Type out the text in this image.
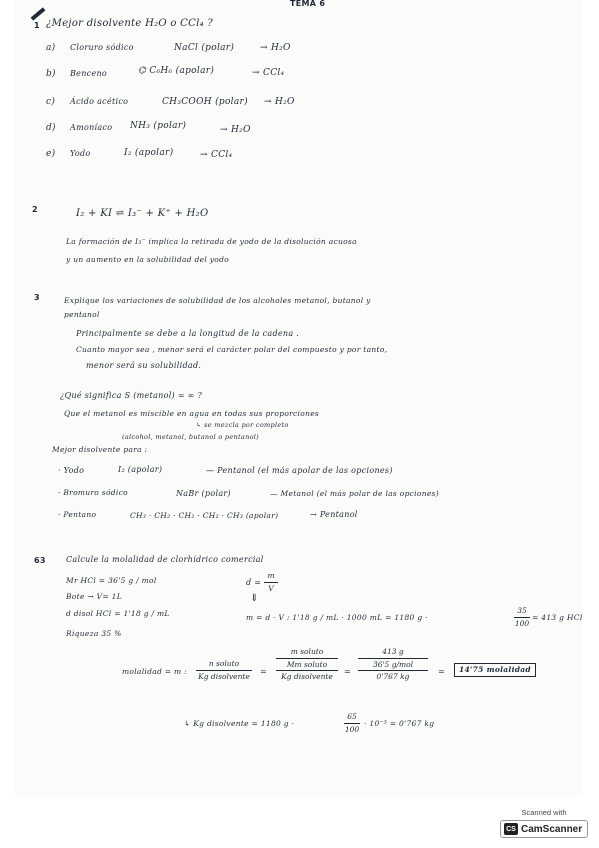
TEMA 6
1 ¿Mejor disolvente H₂O o CCl₄ ?
a) Cloruro sódico	NaCl (polar)	→ H₂O
b) Benceno	⌬ C₆H₆ (apolar)	→ CCl₄
c) Ácido acético	CH₃COOH (polar) → H₂O
d) Amoníaco NH₃ (polar)	→ H₂O
e) Yodo	I₂ (apolar)	→ CCl₄
2	I₂ + KI ⇌ I₃⁻ + K⁺ + H₂O
La formación de I₃⁻ implica la retirada de yodo de la disolución acuosa
y un aumento en la solubilidad del yodo
3	Explique los variaciones de solubilidad de los alcoholes metanol, butanol y
pentanol
Principalmente se debe a la longitud de la cadena .
Cuanto mayor sea , menor será el carácter polar del compuesto y por tanto,
menor será su solubilidad.
¿Qué significa S (metanol) = ∞ ?
Que el metanol es miscible en agua en todas sus proporciones
↳ se mezcla por completo
(alcohol, metanol, butanol o pentanol)
Mejor disolvente para :
· Yodo	I₂ (apolar)	— Pentanol (el más apolar de las opciones)
· Bromuro sódico	NaBr (polar)	— Metanol (el más polar de las opciones)
· Pentano	CH₃ · CH₂ · CH₂ · CH₂ · CH₃ (apolar)	→ Pentanol
63	Calcule la molalidad de clorhídrico comercial
Mr HCl = 36'5 g / mol
Bote → V= 1L
d disol HCl = 1'18 g / mL
Riqueza 35 %
d =
m
V
⇓
m = d · V : 1'18 g / mL · 1000 mL = 1180 g ·
35
100
= 413 g HCl
molalidad = m :
n soluto
Kg disolvente =
m soluto
Mm soluto
Kg disolvente
=
413 g
36'5 g/mol
0'767 kg
=	14'75 molalidad
↳ Kg disolvente = 1180 g ·
65
100
· 10⁻³ = 0'767 kg
Scanned with
CS CamScanner
